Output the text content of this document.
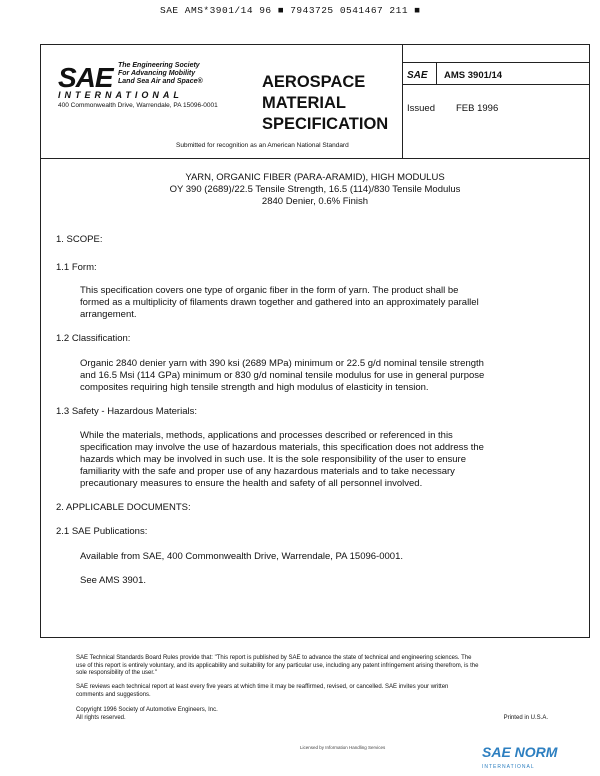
SAE AMS*3901/14 96 ■ 7943725 0541467 211 ■
SAE The Engineering Society
For Advancing Mobility
Land Sea Air and Space®
INTERNATIONAL
400 Commonwealth Drive, Warrendale, PA 15096-0001
AEROSPACE
MATERIAL
SPECIFICATION
Submitted for recognition as an American National Standard
SAE AMS 3901/14
Issued FEB 1996
YARN, ORGANIC FIBER (PARA-ARAMID), HIGH MODULUS
OY 390 (2689)/22.5 Tensile Strength, 16.5 (114)/830 Tensile Modulus
2840 Denier, 0.6% Finish
1. SCOPE:
1.1 Form:
This specification covers one type of organic fiber in the form of yarn. The product shall be
formed as a multiplicity of filaments drawn together and gathered into an approximately parallel
arrangement.
1.2 Classification:
Organic 2840 denier yarn with 390 ksi (2689 MPa) minimum or 22.5 g/d nominal tensile strength
and 16.5 Msi (114 GPa) minimum or 830 g/d nominal tensile modulus for use in general purpose
composites requiring high tensile strength and high modulus of elasticity in tension.
1.3 Safety - Hazardous Materials:
While the materials, methods, applications and processes described or referenced in this
specification may involve the use of hazardous materials, this specification does not address the
hazards which may be involved in such use. It is the sole responsibility of the user to ensure
familiarity with the safe and proper use of any hazardous materials and to take necessary
precautionary measures to ensure the health and safety of all personnel involved.
2. APPLICABLE DOCUMENTS:
2.1 SAE Publications:
Available from SAE, 400 Commonwealth Drive, Warrendale, PA 15096-0001.
See AMS 3901.
SAE Technical Standards Board Rules provide that: "This report is published by SAE to advance the state of technical and engineering sciences. The
use of this report is entirely voluntary, and its applicability and suitability for any particular use, including any patent infringement arising therefrom, is the
sole responsibility of the user."
SAE reviews each technical report at least every five years at which time it may be reaffirmed, revised, or cancelled. SAE invites your written
comments and suggestions.
Copyright 1996 Society of Automotive Engineers, Inc.
All rights reserved.	Printed in U.S.A.
Licensed by Information Handling Services	SAE NORM
INTERNATIONAL
